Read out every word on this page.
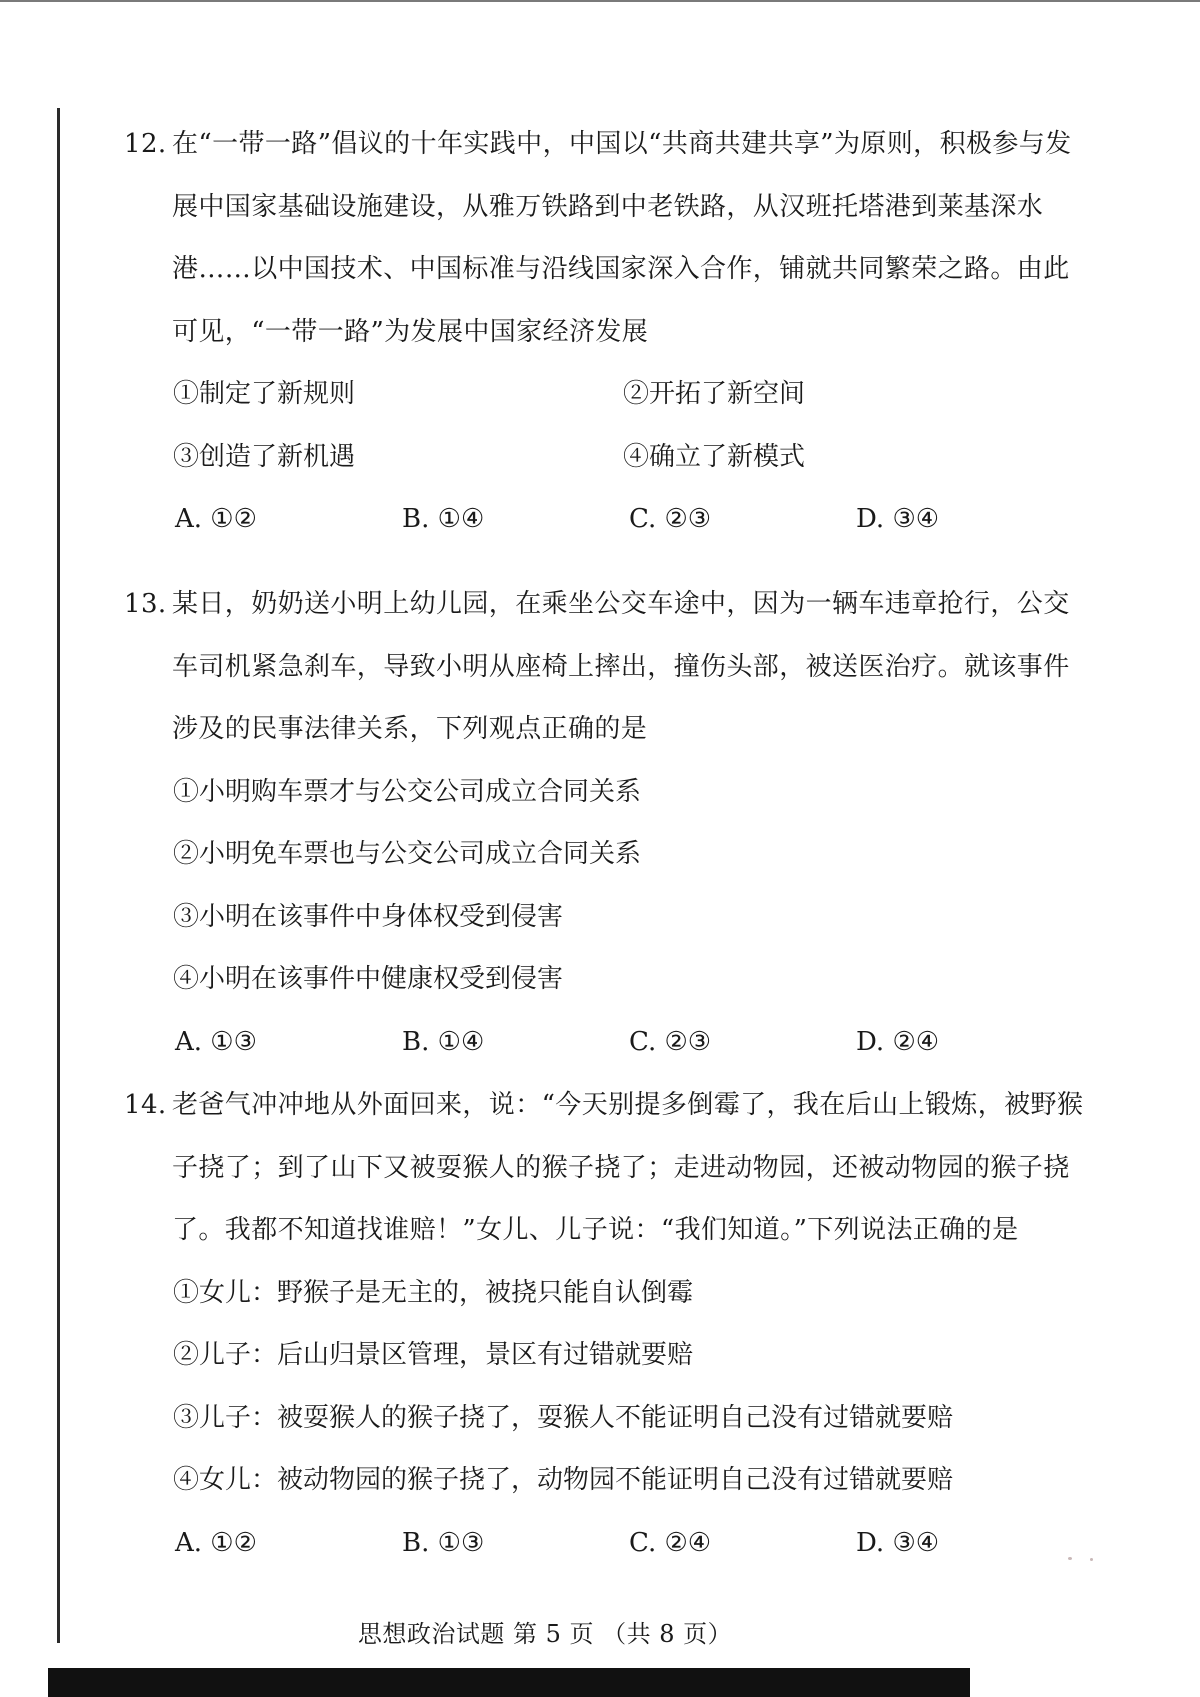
12. 在“一带一路”倡议的十年实践中，中国以“共商共建共享”为原则，积极参与发展中国家基础设施建设，从雅万铁路到中老铁路，从汉班托塔港到莱基深水港……以中国技术、中国标准与沿线国家深入合作，铺就共同繁荣之路。由此可见，“一带一路”为发展中国家经济发展
①制定了新规则	②开拓了新空间
③创造了新机遇	④确立了新模式
A. ①②	B. ①④	C. ②③	D. ③④
13. 某日，奶奶送小明上幼儿园，在乘坐公交车途中，因为一辆车违章抢行，公交车司机紧急刹车，导致小明从座椅上摔出，撞伤头部，被送医治疗。就该事件涉及的民事法律关系，下列观点正确的是
①小明购车票才与公交公司成立合同关系
②小明免车票也与公交公司成立合同关系
③小明在该事件中身体权受到侵害
④小明在该事件中健康权受到侵害
A. ①③	B. ①④	C. ②③	D. ②④
14. 老爸气冲冲地从外面回来，说：“今天别提多倒霉了，我在后山上锻炼，被野猴子挠了；到了山下又被耍猴人的猴子挠了；走进动物园，还被动物园的猴子挠了。我都不知道找谁赔！”女儿、儿子说：“我们知道。”下列说法正确的是
①女儿：野猴子是无主的，被挠只能自认倒霉
②儿子：后山归景区管理，景区有过错就要赔
③儿子：被耍猴人的猴子挠了，耍猴人不能证明自己没有过错就要赔
④女儿：被动物园的猴子挠了，动物园不能证明自己没有过错就要赔
A. ①②	B. ①③	C. ②④	D. ③④
思想政治试题 第 5 页 （共 8 页）
